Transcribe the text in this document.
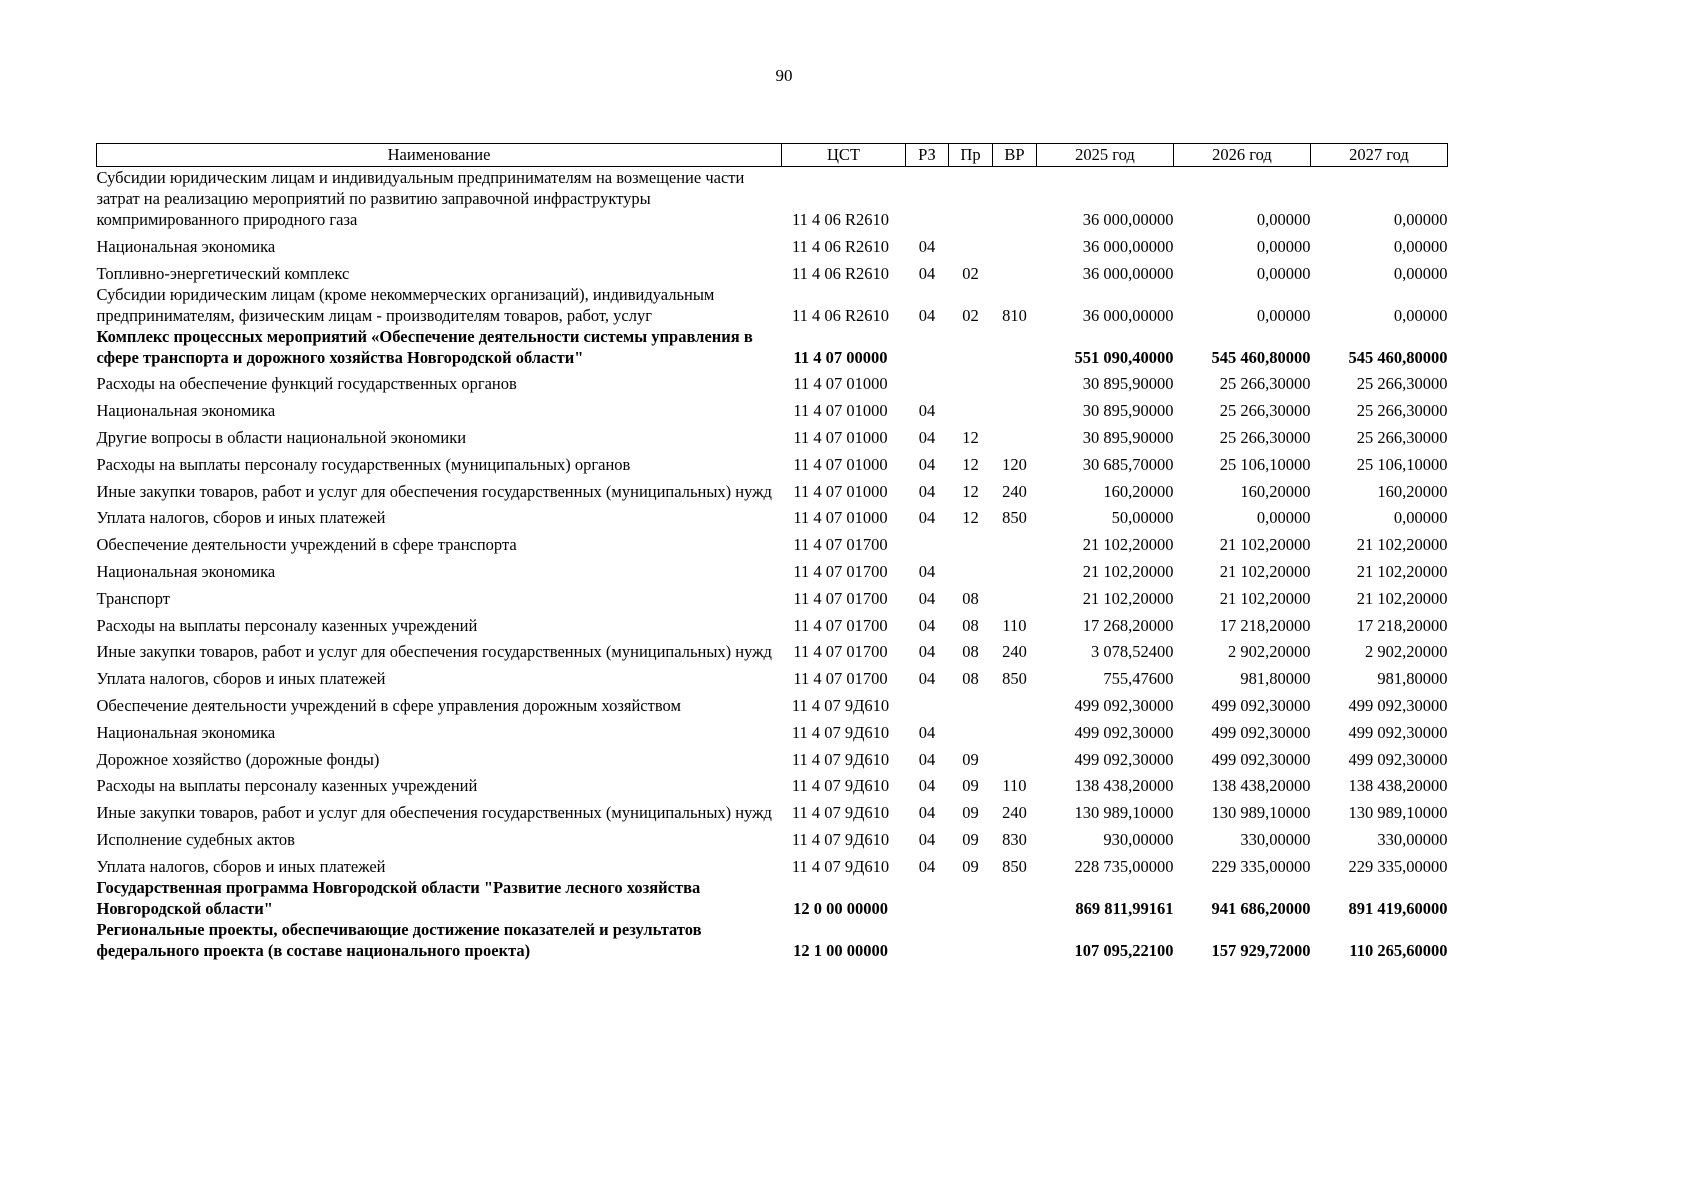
90
Наименование	ЦСТ	РЗ	Пр	ВР	2025 год	2026 год	2027 год
Субсидии юридическим лицам и индивидуальным предпринимателям на возмещение части затрат на реализацию мероприятий по развитию заправочной инфраструктуры компримированного природного газа	11 4 06 R2610				36 000,00000	0,00000	0,00000
Национальная экономика	11 4 06 R2610	04			36 000,00000	0,00000	0,00000
Топливно-энергетический комплекс	11 4 06 R2610	04	02		36 000,00000	0,00000	0,00000
Субсидии юридическим лицам (кроме некоммерческих организаций), индивидуальным предпринимателям, физическим лицам - производителям товаров, работ, услуг	11 4 06 R2610	04	02	810	36 000,00000	0,00000	0,00000
Комплекс процессных мероприятий «Обеспечение деятельности системы управления в сфере транспорта и дорожного хозяйства Новгородской области"	11 4 07 00000				551 090,40000	545 460,80000	545 460,80000
Расходы на обеспечение функций государственных органов	11 4 07 01000				30 895,90000	25 266,30000	25 266,30000
Национальная экономика	11 4 07 01000	04			30 895,90000	25 266,30000	25 266,30000
Другие вопросы в области национальной экономики	11 4 07 01000	04	12		30 895,90000	25 266,30000	25 266,30000
Расходы на выплаты персоналу государственных (муниципальных) органов	11 4 07 01000	04	12	120	30 685,70000	25 106,10000	25 106,10000
Иные закупки товаров, работ и услуг для обеспечения государственных (муниципальных) нужд	11 4 07 01000	04	12	240	160,20000	160,20000	160,20000
Уплата налогов, сборов и иных платежей	11 4 07 01000	04	12	850	50,00000	0,00000	0,00000
Обеспечение деятельности учреждений в сфере транспорта	11 4 07 01700				21 102,20000	21 102,20000	21 102,20000
Национальная экономика	11 4 07 01700	04			21 102,20000	21 102,20000	21 102,20000
Транспорт	11 4 07 01700	04	08		21 102,20000	21 102,20000	21 102,20000
Расходы на выплаты персоналу казенных учреждений	11 4 07 01700	04	08	110	17 268,20000	17 218,20000	17 218,20000
Иные закупки товаров, работ и услуг для обеспечения государственных (муниципальных) нужд	11 4 07 01700	04	08	240	3 078,52400	2 902,20000	2 902,20000
Уплата налогов, сборов и иных платежей	11 4 07 01700	04	08	850	755,47600	981,80000	981,80000
Обеспечение деятельности учреждений в сфере управления дорожным хозяйством	11 4 07 9Д610				499 092,30000	499 092,30000	499 092,30000
Национальная экономика	11 4 07 9Д610	04			499 092,30000	499 092,30000	499 092,30000
Дорожное хозяйство (дорожные фонды)	11 4 07 9Д610	04	09		499 092,30000	499 092,30000	499 092,30000
Расходы на выплаты персоналу казенных учреждений	11 4 07 9Д610	04	09	110	138 438,20000	138 438,20000	138 438,20000
Иные закупки товаров, работ и услуг для обеспечения государственных (муниципальных) нужд	11 4 07 9Д610	04	09	240	130 989,10000	130 989,10000	130 989,10000
Исполнение судебных актов	11 4 07 9Д610	04	09	830	930,00000	330,00000	330,00000
Уплата налогов, сборов и иных платежей	11 4 07 9Д610	04	09	850	228 735,00000	229 335,00000	229 335,00000
Государственная программа Новгородской области "Развитие лесного хозяйства Новгородской области"	12 0 00 00000				869 811,99161	941 686,20000	891 419,60000
Региональные проекты, обеспечивающие достижение показателей и результатов федерального проекта (в составе национального проекта)	12 1 00 00000				107 095,22100	157 929,72000	110 265,60000
